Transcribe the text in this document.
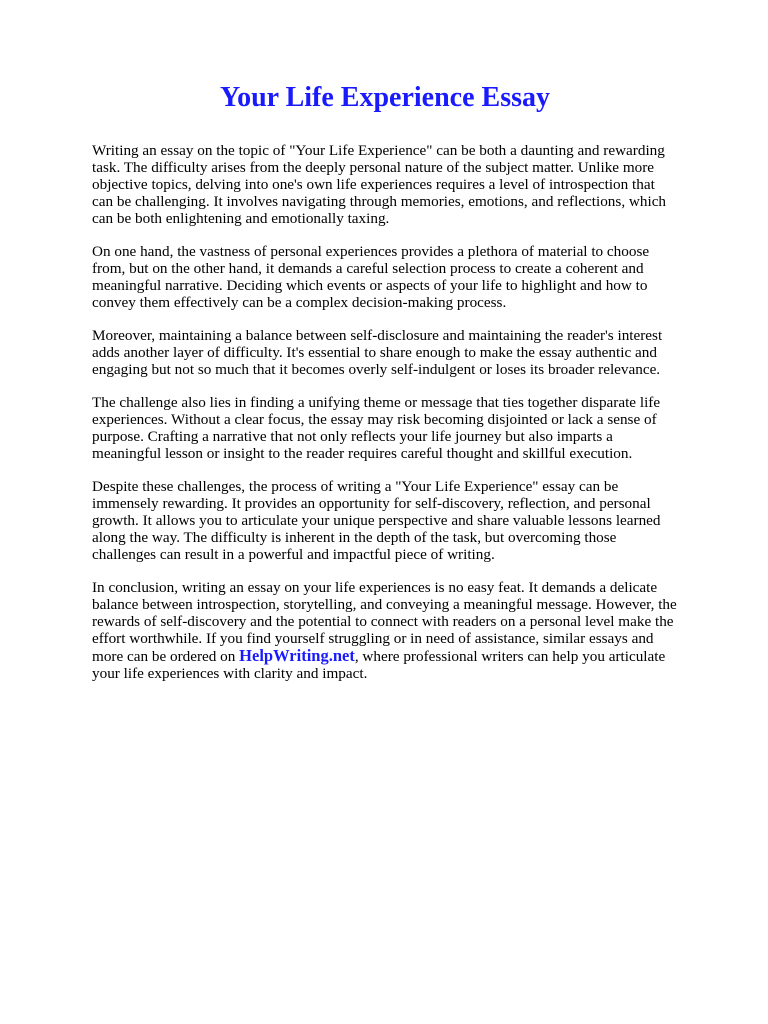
Your Life Experience Essay

Writing an essay on the topic of "Your Life Experience" can be both a daunting and rewarding task. The difficulty arises from the deeply personal nature of the subject matter. Unlike more objective topics, delving into one's own life experiences requires a level of introspection that can be challenging. It involves navigating through memories, emotions, and reflections, which can be both enlightening and emotionally taxing.

On one hand, the vastness of personal experiences provides a plethora of material to choose from, but on the other hand, it demands a careful selection process to create a coherent and meaningful narrative. Deciding which events or aspects of your life to highlight and how to convey them effectively can be a complex decision-making process.

Moreover, maintaining a balance between self-disclosure and maintaining the reader's interest adds another layer of difficulty. It's essential to share enough to make the essay authentic and engaging but not so much that it becomes overly self-indulgent or loses its broader relevance.

The challenge also lies in finding a unifying theme or message that ties together disparate life experiences. Without a clear focus, the essay may risk becoming disjointed or lack a sense of purpose. Crafting a narrative that not only reflects your life journey but also imparts a meaningful lesson or insight to the reader requires careful thought and skillful execution.

Despite these challenges, the process of writing a "Your Life Experience" essay can be immensely rewarding. It provides an opportunity for self-discovery, reflection, and personal growth. It allows you to articulate your unique perspective and share valuable lessons learned along the way. The difficulty is inherent in the depth of the task, but overcoming those challenges can result in a powerful and impactful piece of writing.

In conclusion, writing an essay on your life experiences is no easy feat. It demands a delicate balance between introspection, storytelling, and conveying a meaningful message. However, the rewards of self-discovery and the potential to connect with readers on a personal level make the effort worthwhile. If you find yourself struggling or in need of assistance, similar essays and more can be ordered on HelpWriting.net, where professional writers can help you articulate your life experiences with clarity and impact.
